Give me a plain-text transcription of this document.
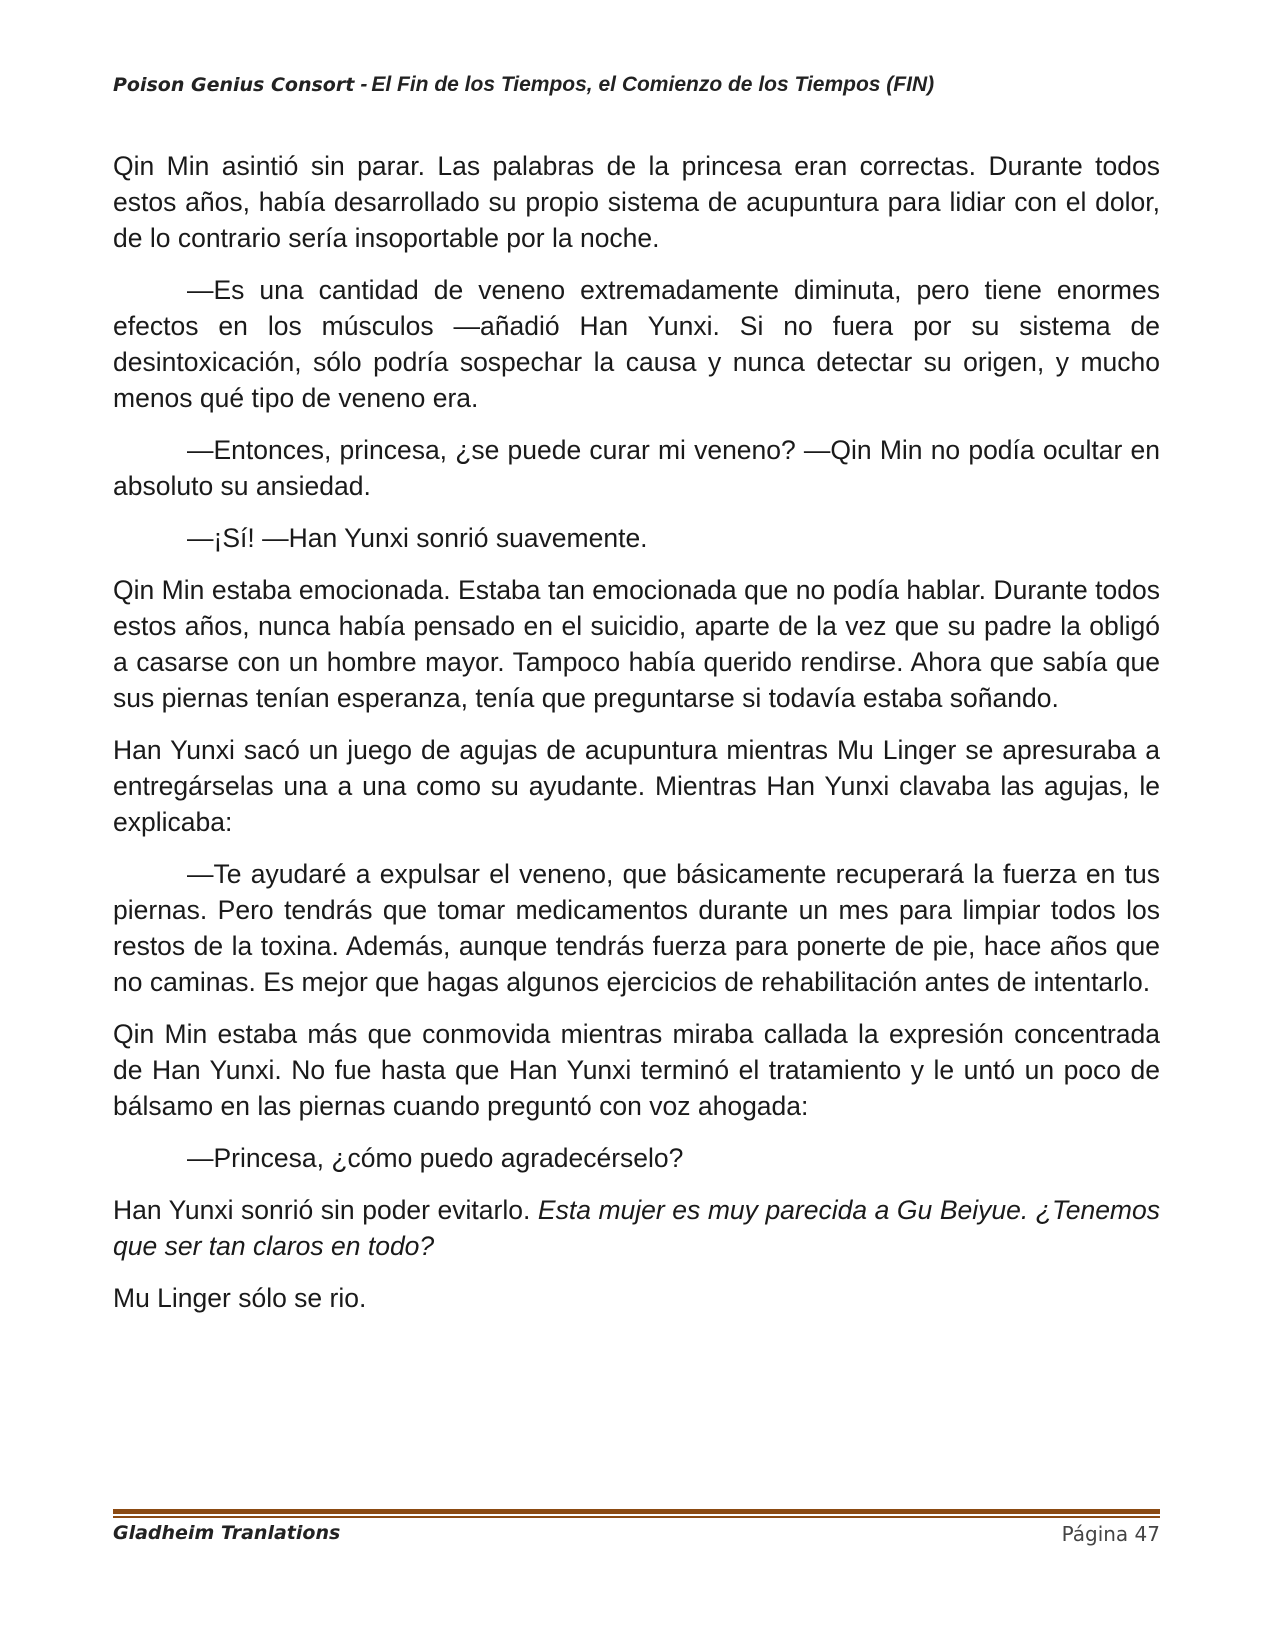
Poison Genius Consort - El Fin de los Tiempos, el Comienzo de los Tiempos (FIN)

Qin Min asintió sin parar. Las palabras de la princesa eran correctas. Durante todos estos años, había desarrollado su propio sistema de acupuntura para lidiar con el dolor, de lo contrario sería insoportable por la noche.

—Es una cantidad de veneno extremadamente diminuta, pero tiene enormes efectos en los músculos —añadió Han Yunxi. Si no fuera por su sistema de desintoxicación, sólo podría sospechar la causa y nunca detectar su origen, y mucho menos qué tipo de veneno era.

—Entonces, princesa, ¿se puede curar mi veneno? —Qin Min no podía ocultar en absoluto su ansiedad.

—¡Sí! —Han Yunxi sonrió suavemente.

Qin Min estaba emocionada. Estaba tan emocionada que no podía hablar. Durante todos estos años, nunca había pensado en el suicidio, aparte de la vez que su padre la obligó a casarse con un hombre mayor. Tampoco había querido rendirse. Ahora que sabía que sus piernas tenían esperanza, tenía que preguntarse si todavía estaba soñando.

Han Yunxi sacó un juego de agujas de acupuntura mientras Mu Linger se apresuraba a entregárselas una a una como su ayudante. Mientras Han Yunxi clavaba las agujas, le explicaba:

—Te ayudaré a expulsar el veneno, que básicamente recuperará la fuerza en tus piernas. Pero tendrás que tomar medicamentos durante un mes para limpiar todos los restos de la toxina. Además, aunque tendrás fuerza para ponerte de pie, hace años que no caminas. Es mejor que hagas algunos ejercicios de rehabilitación antes de intentarlo.

Qin Min estaba más que conmovida mientras miraba callada la expresión concentrada de Han Yunxi. No fue hasta que Han Yunxi terminó el tratamiento y le untó un poco de bálsamo en las piernas cuando preguntó con voz ahogada:

—Princesa, ¿cómo puedo agradecérselo?

Han Yunxi sonrió sin poder evitarlo. Esta mujer es muy parecida a Gu Beiyue. ¿Tenemos que ser tan claros en todo?

Mu Linger sólo se rio.

Gladheim Tranlations	Página 47
